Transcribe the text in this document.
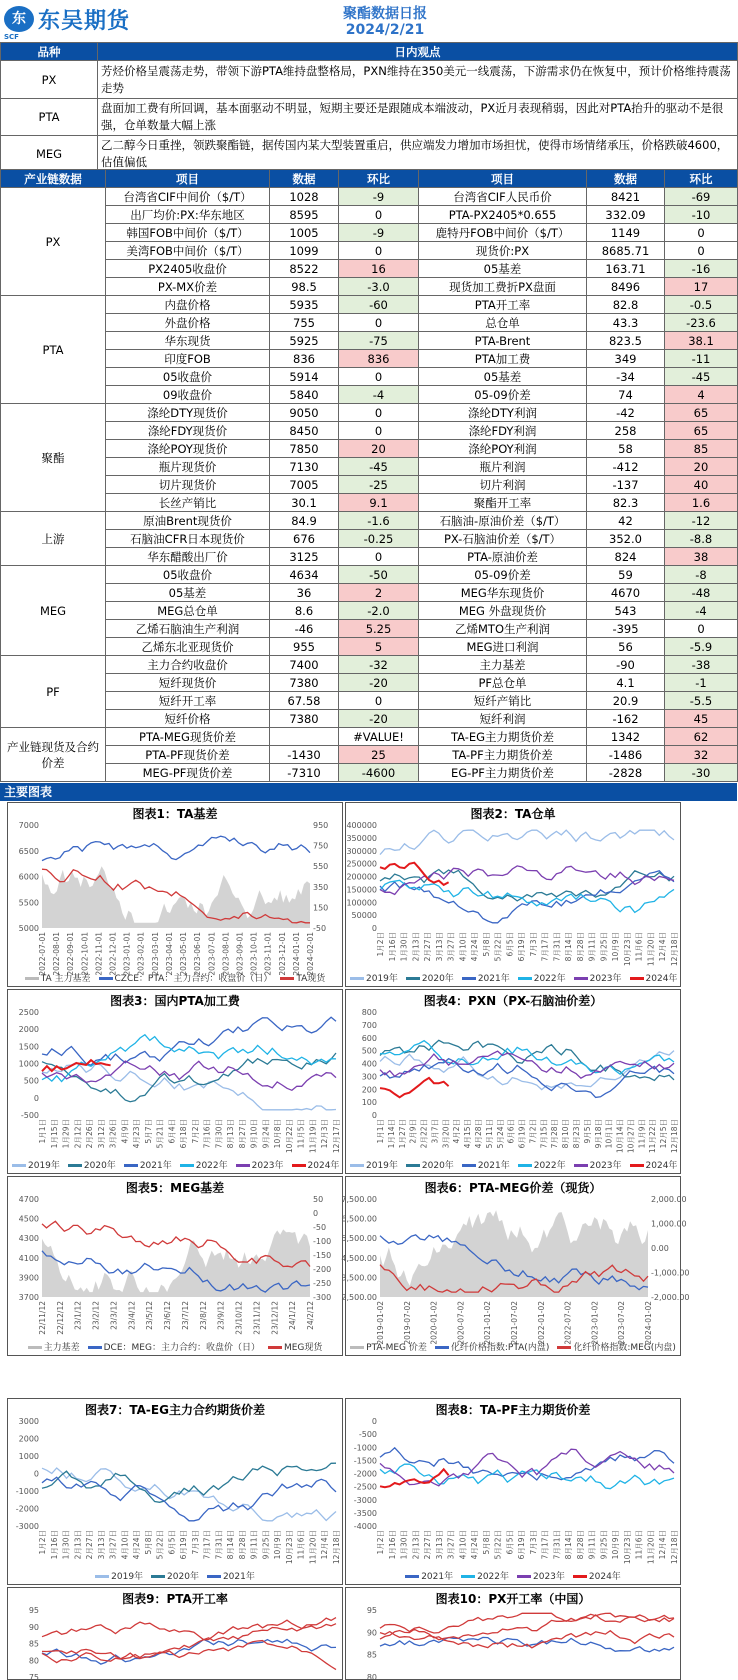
东 东吴期货
SCF
聚酯数据日报
2024/2/21
品种	日内观点
PX	芳烃价格呈震荡走势，带领下游PTA维持盘整格局，PXN维持在350美元一线震荡，下游需求仍在恢复中，预计价格维持震荡走势
PTA	盘面加工费有所回调，基本面驱动不明显，短期主要还是跟随成本端波动，PX近月表现稍弱，因此对PTA抬升的驱动不是很强，仓单数量大幅上涨
MEG	乙二醇今日重挫，领跌聚酯链，据传国内某大型装置重启，供应端发力增加市场担忧，使得市场情绪承压，价格跌破4600，估值偏低
产业链数据	项目	数据	环比	项目	数据	环比
PX	台湾省CIF中间价（$/T）	1028	-9	台湾省CIF人民币价	8421	-69
	出厂均价:PX:华东地区	8595	0	PTA-PX2405*0.655	332.09	-10
	韩国FOB中间价（$/T）	1005	-9	鹿特丹FOB中间价（$/T）	1149	0
	美湾FOB中间价（$/T）	1099	0	现货价:PX	8685.71	0
	PX2405收盘价	8522	16	05基差	163.71	-16
	PX-MX价差	98.5	-3.0	现货加工费折PX盘面	8496	17
PTA	内盘价格	5935	-60	PTA开工率	82.8	-0.5
	外盘价格	755	0	总仓单	43.3	-23.6
	华东现货	5925	-75	PTA-Brent	823.5	38.1
	印度FOB	836	836	PTA加工费	349	-11
	05收盘价	5914	0	05基差	-34	-45
	09收盘价	5840	-4	05-09价差	74	4
聚酯	涤纶DTY现货价	9050	0	涤纶DTY利润	-42	65
	涤纶FDY现货价	8450	0	涤纶FDY利润	258	65
	涤纶POY现货价	7850	20	涤纶POY利润	58	85
	瓶片现货价	7130	-45	瓶片利润	-412	20
	切片现货价	7005	-25	切片利润	-137	40
	长丝产销比	30.1	9.1	聚酯开工率	82.3	1.6
上游	原油Brent现货价	84.9	-1.6	石脑油-原油价差（$/T）	42	-12
	石脑油CFR日本现货价	676	-0.25	PX-石脑油价差（$/T）	352.0	-8.8
	华东醋酸出厂价	3125	0	PTA-原油价差	824	38
MEG	05收盘价	4634	-50	05-09价差	59	-8
	05基差	36	2	MEG华东现货价	4670	-48
	MEG总仓单	8.6	-2.0	MEG 外盘现货价	543	-4
	乙烯石脑油生产利润	-46	5.25	乙烯MTO生产利润	-395	0
	乙烯东北亚现货价	955	5	MEG进口利润	56	-5.9
PF	主力合约收盘价	7400	-32	主力基差	-90	-38
	短纤现货价	7380	-20	PF总仓单	4.1	-1
	短纤开工率	67.58	0	短纤产销比	20.9	-5.5
	短纤价格	7380	-20	短纤利润	-162	45
产业链现货及合约价差	PTA-MEG现货价差		#VALUE!	TA-EG主力期货价差	1342	62
	PTA-PF现货价差	-1430	25	TA-PF主力期货价差	-1486	32
	MEG-PF现货价差	-7310	-4600	EG-PF主力期货价差	-2828	-30
主要图表
图表1：TA基差
7000
6500
6000
5500
5000
950
750
550
350
150
-50
2022-07-01 2022-08-01 2022-09-01 2022-10-01 2022-11-01 2022-12-01 2023-01-01 2023-02-01 2023-03-01 2023-04-01 2023-05-01 2023-06-01 2023-07-01 2023-08-01 2023-09-01 2023-10-01 2023-11-01 2023-12-01 2024-01-01 2024-02-01
TA 主力基差	CZCE：PTA：主力合约：收盘价（日）	TA现货
图表2：TA仓单
400000
350000
300000
250000
200000
150000
100000
50000
0
1月2日 1月16日 1月30日 2月13日 2月27日 3月13日 3月27日 4月10日 4月24日 5月8日 5月22日 6月5日 6月19日 7月3日 7月17日 7月31日 8月14日 8月28日 9月11日 9月25日 10月9日 10月23日 11月6日 11月20日 12月4日 12月18日
2019年	2020年	2021年	2022年	2023年	2024年
图表3：国内PTA加工费
2500
2000
1500
1000
500
0
-500
1月1日 1月15日 1月29日 2月12日 2月26日 3月12日 3月26日 4月9日 4月23日 5月7日 5月21日 6月4日 6月18日 7月2日 7月16日 7月30日 8月13日 8月27日 9月10日 9月24日 10月8日 10月22日 11月5日 11月19日 12月3日 12月17日
2019年	2020年	2021年	2022年	2023年	2024年
图表4：PXN（PX-石脑油价差）
800
700
600
500
400
300
200
100
0
1月1日 1月14日 1月27日 2月9日 2月22日 3月7日 3月20日 4月2日 4月15日 4月28日 5月11日 5月24日 6月6日 6月19日 7月2日 7月15日 7月28日 8月10日 8月23日 9月5日 9月18日 10月1日 10月14日 10月27日 11月9日 11月22日 12月5日 12月18日
2019年	2020年	2021年	2022年	2023年	2024年
图表5：MEG基差
4700
4500
4300
4100
3900
3700
50
0
-50
-100
-150
-200
-250
-300
22/11/12 22/12/12 23/1/12 23/2/12 23/3/12 23/4/12 23/5/12 23/6/12 23/7/12 23/8/12 23/9/12 23/10/12 23/11/12 23/12/12 24/1/12 24/2/12
主力基差	DCE：MEG：主力合约：收盘价（日）	MEG现货
图表6：PTA-MEG价差（现货）
7,500.00
6,500.00
5,500.00
4,500.00
3,500.00
2,500.00
2,000.00
1,000.00
0.00
-1,000.00
-2,000.00
2019-01-02 2019-07-02 2020-01-02 2020-07-02 2021-01-02 2021-07-02 2022-01-02 2022-07-02 2023-01-02 2023-07-02 2024-01-02
PTA-MEG 价差	化纤价格指数:PTA(内盘)	化纤价格指数:MEG(内盘)
图表7：TA-EG主力合约期货价差
3000
2000
1000
0
-1000
-2000
-3000
1月2日 1月16日 1月30日 2月13日 2月27日 3月13日 3月27日 4月10日 4月24日 5月8日 5月22日 6月5日 6月19日 7月3日 7月17日 7月31日 8月14日 8月28日 9月11日 9月25日 10月9日 10月23日 11月6日 11月20日 12月4日 12月18日
2019年	2020年	2021年
图表8：TA-PF主力期货价差
0
-500
-1000
-1500
-2000
-2500
-3000
-3500
-4000
1月2日 1月16日 1月30日 2月13日 2月27日 3月13日 3月27日 4月10日 4月24日 5月8日 5月22日 6月5日 6月19日 7月3日 7月17日 7月31日 8月14日 8月28日 9月11日 9月25日 10月9日 10月23日 11月6日 11月20日 12月4日 12月18日
2021年	2022年	2023年	2024年
图表9：PTA开工率
95
90
85
80
75
图表10：PX开工率（中国）
95
90
85
80
